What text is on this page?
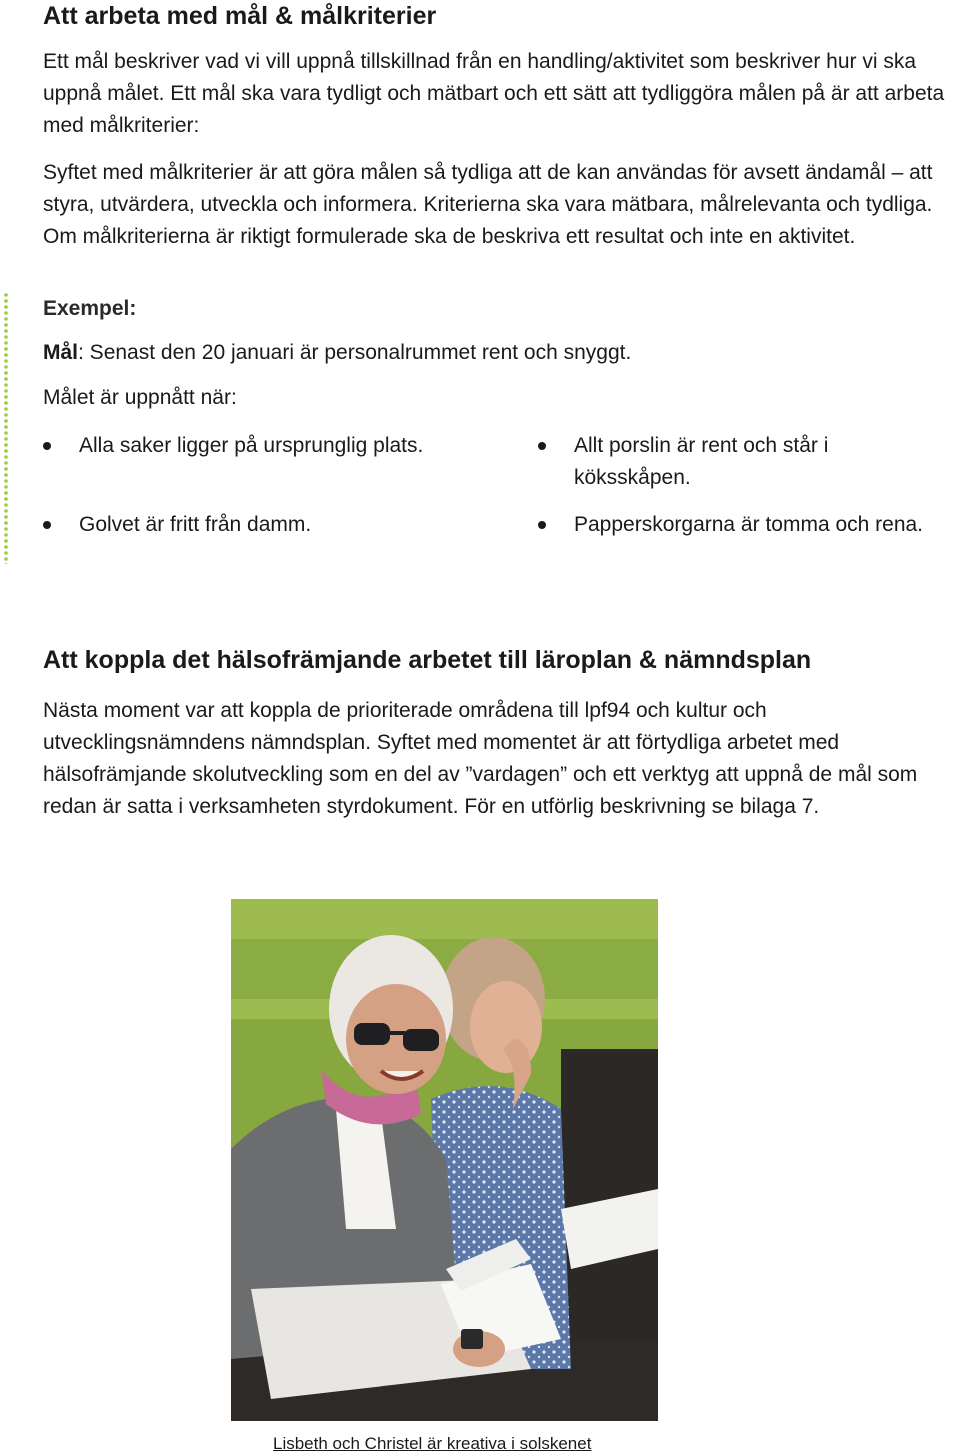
Att arbeta med mål & målkriterier

Ett mål beskriver vad vi vill uppnå tillskillnad från en handling/aktivitet som beskriver hur vi ska uppnå målet. Ett mål ska vara tydligt och mätbart och ett sätt att tydliggöra målen på är att arbeta med målkriterier:

Syftet med målkriterier är att göra målen så tydliga att de kan användas för avsett ändamål – att styra, utvärdera, utveckla och informera. Kriterierna ska vara mätbara, målrelevanta och tydliga. Om målkriterierna är riktigt formulerade ska de beskriva ett resultat och inte en aktivitet.

Exempel:
Mål: Senast den 20 januari är personalrummet rent och snyggt.
Målet är uppnått när:
Alla saker ligger på ursprunglig plats.
Golvet är fritt från damm.
Allt porslin är rent och står i köksskåpen.
Papperskorgarna är tomma och rena.
Att koppla det hälsofrämjande arbetet till läroplan & nämndsplan

Nästa moment var att koppla de prioriterade områdena till lpf94 och kultur och utvecklingsnämndens nämndsplan. Syftet med momentet är att förtydliga arbetet med hälsofrämjande skolutveckling som en del av ”vardagen” och ett verktyg att uppnå de mål som redan är satta i verksamheten styrdokument. För en utförlig beskrivning se bilaga 7.

Lisbeth och Christel är kreativa i solskenet
